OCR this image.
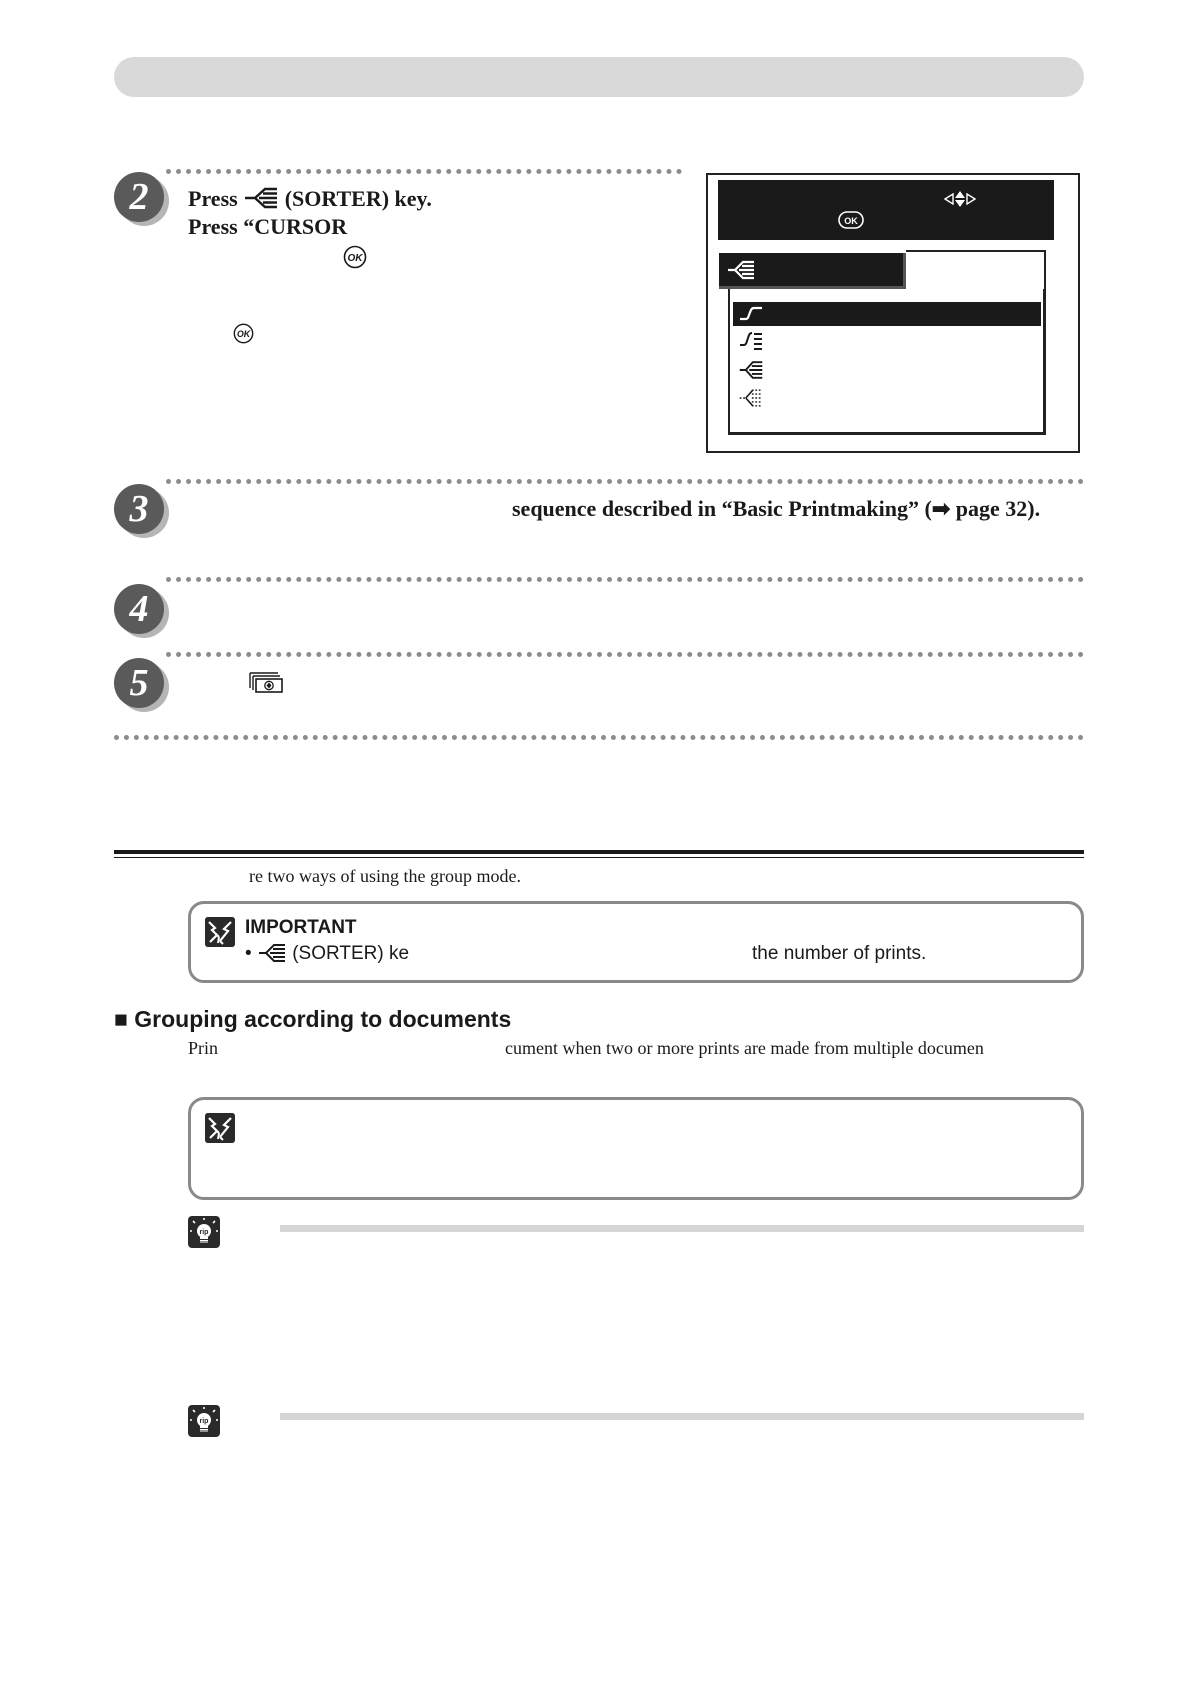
2	Press (SORTER) key.
Press “CURSOR
OK
OK
OK
3	sequence described in “Basic Printmaking” (➡ page 32).
4
5
re two ways of using the group mode.
IMPORTANT
• (SORTER) ke	the number of prints.
■ Grouping according to documents
Prin	cument when two or more prints are made from multiple documen
rip
rip
